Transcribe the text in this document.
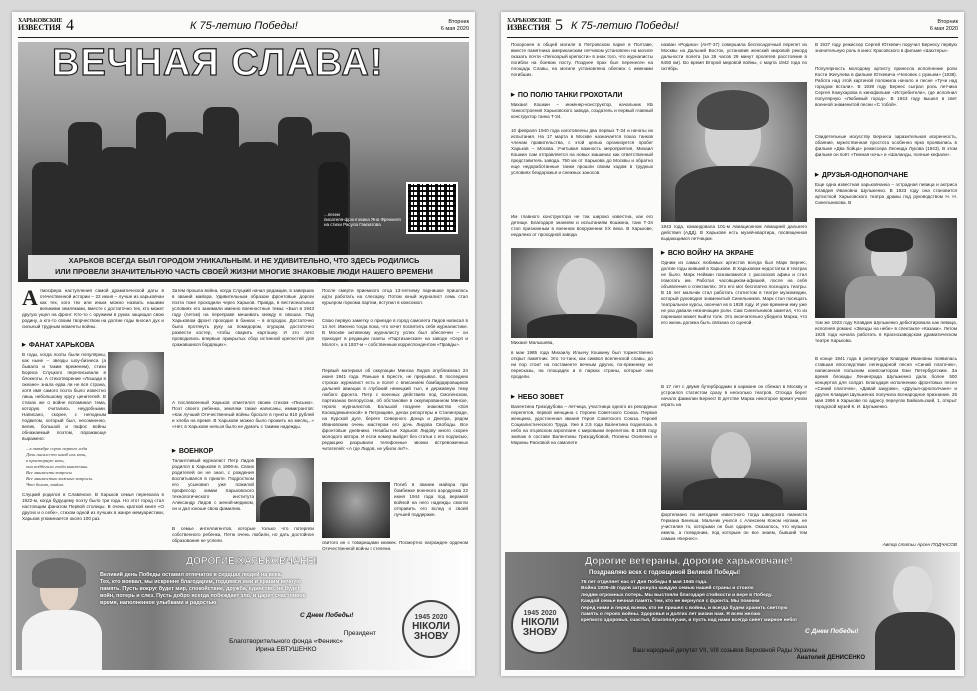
ХАРЬКОВСКИЕ
ИЗВЕСТИЯ 4	К 75-летию Победы!	Вторник
6 мая 2020
ВЕЧНАЯ СЛАВА!
...песни
писателя-фронтовика Яна Френкеля
на стихи Расула Гамзатова
ХАРЬКОВ ВСЕГДА БЫЛ ГОРОДОМ УНИКАЛЬНЫМ. И НЕ УДИВИТЕЛЬНО, ЧТО ЗДЕСЬ РОДИЛИСЬ
ИЛИ ПРОВЕЛИ ЗНАЧИТЕЛЬНУЮ ЧАСТЬ СВОЕЙ ЖИЗНИ МНОГИЕ ЗНАКОВЫЕ ЛЮДИ НАШЕГО ВРЕМЕНИ
А тмосфера наступления самой драматической даты в отечественной истории – 22 июня – лучше из харьковчан как тех, кого тех или иным можно назвать нашими великими земляками, вместе с достаточно тех, кто может другую ущел на фронт. Кто-то с оружием в руках защищал свою родину, а кто-то своим творчеством на долгие годы вносил дух и сильный трудным моменты войны.
▶ ФАНАТ ХАРЬКОВА
В годы, когда поэты были популярны, как ныне – звезды шоу-бизнеса (а бывало и таким временем), стихи Бориса Слуцкого переписывали в блокноты. А стихотворение «Лошади в океане» знала едва ли не вся страна, хотя имя самого поэта было известно лишь небольшому кругу ценителей. В стихах же о войне вспоминал тема, которую считались неудобными. Написано, скорее, с неподным подвигом, который был, несомненно, велик, большой и пафос войны обнажаемый поэтом, поражающе выражено:
...в октябре сорок первого года
Дочь писало-то шкаб иль кочь,
в просторную ночь,
она подбегала гоода выключны.
Все мнимости вопросы
Все мнимостью важные вопросы.
Что болит, тайна.
Слуцкий родился в Славянске. В Харьков семья переехала в 1922-м, когда будущему поэту было три года. Но этот город стал настоящим фанатом Первой столицы. В очень краткой книге «О других и о себе», стихом одной из лучших в жанре мемуаристики, Харьков упоминается около 100 раз.
Затем прошла война, когда Слуцкий начал редакции, в заверших в званий майора. Удивительным образом фронтовые дороги поэта тоже проходили через Харьков. Правда, в вестиональных условиях его занимали именно военностные темы: «Был в 1943 году (летом) на переправе мешивать между в овошах. Под Харьковом фронт проходил в банках – в огородах. Достаточно было протянуть руку за помидором, огурцом, достаточно развести костер, чтобы сварить картошку. И это лето проводились впервые прикрытых сбор истинной крепостей для сражавшихся бордящих».
А послевоенный Харьков отметился своим стихом «Письмо». Поэт своего ребенка, земляки также написаны, иммигрантов: «Как лучший Отечественный войны бросьте в пункты 810 рублей и хлеба на время. В Харькове можно было прожить на месяц...» «Нет, в Харькове нельзя было не думать с такими надежды.
▶ ВОЕНКОР
Талантливый журналист Петр Лидов родился в Харькове в 1906-м. Своих родителей он не знал, с рождения воспитывался в приюте. Подростком его усыновил уже пожилой профессор химии Харьковского технологического института Александр Лидов с женой-медиком, он и дал юноше свою фамилию.
В семье интеллигентов, которые только что потеряли собственного ребенка, Петю очень любили, но дать достойное образование не успели.
После смерти приемного отца 13-летнему парнишке пришлось идти работать на слесарку. Потом юный журналист семь стал курьером горкома партии, вступил в комсомол.
Свою первую заметку о приезде в город самолета Лидов написал в 14 лет. Именно тогда пока, что хочет посвятить себя журналистике. В Москве активному журналисту успех был обеспечен – он приходит в редакции газеты «Партизанская» на заводе «Серп и Молот», а в 1937-м – собственным корреспондентом «Правды».
Первый материал об оккупации Минска Лидов опубликовал 24 июня 1941 года. Раньше в Бресте, не прерывал. В последних строках журналист есть и полет с вписанием бомбардировщиков дальней авиации в глубокий немецкий тыл, и державную тему любого фронта. Петр с военных действиях под Смоленском, партизанах Белоруссии, об обстановке в оккупированном Минске, героях журналистов. Большой позднее знакомство «Зоя Космодемьянской» в Петрищеве, делах репортеры и Сталинграде, на Курской дуге, береге Северного Донца и Днепра, рядом Ивановским очень мастером его дочь Лидова Свободы. Все фронтовые дневники. Незабытые Харьков Лидову много скорее молодого автора. И если номер выйдет без статьи с его подписью, редакцию разрывали телефонные звонки встревоженных читателей: «А где Лидов, не убили ли?».
Погиб в звании майора при бомбежке военного аэродрома 22 июня 1944 года под верамой войной на него надежды смогли отправить его вслед о своей лучшей поддержке.
свитого ин с товарищами книжек. Посмертно награжден орденом Отечественной войны I степени.
ДОРОГИЕ ХАРЬКОВЧАНЕ!
Великий день Победы оставил отпечаток в сердцах людей на века.
Тех, кто воевал, мы искренне благодарим, гордимся ими и храним вечную
память. Пусть вокруг будет мир, спокойствие, дружба, единство, не будет
войн, потерь и слез. Пусть добро всегда побеждает зло, и царит счастливое
время, наполненное улыбками и радостью
С Днем Победы!
Президент
Благотворительного фонда «Феникс»
Ирина ЕВТУШЕНКО
1945 2020
НІКОЛИ ЗНОВУ
ХАРЬКОВСКИЕ
ИЗВЕСТИЯ 5 К 75-летию Победы!	Вторник
6 мая 2020
Похоронен в общей могиле в Петровском парке в Полтаве, вместе памятника американским летчиком установлен на могиле оказать почти «Легкоорый крепости» в знак того, что журналисты погибли на боевом посту. Позднее прах был перенесен на площадь Славы, на могиле установлена обелиск с именами погибших.
▶ ПО ПОЛЮ ТАНКИ ГРОХОТАЛИ
Михаил Кошкин – инженер-конструктор, начальник КБ танкостроения Харьковского завода, создатель и первый главный конструктор танка Т-34.
10 февраля 1940 года изготовлены два первых Т-34 и начаты их испытания. На 17 марта в Москве назначается показ танков членам правительства, с этой целью организуется пробег Харьков – Москва. Учитывая важность мероприятия, Михаил Кошкин сам отправляется на новых машинах как ответственный представитель завода. 750 км от Харькова до Москвы и обратно еще недоработанные танки прошли своим ходом в трудных условиях бездорожья и снежных заносов.
Им главного конструктора не так широко известна, как его детище. Благодаря знаниям и испытаниям Кошкина, танк Т-34 стал признанным в военном вооружении XX века. В Харькове, недалеко от проходной завода
назван «Родина» (АНТ-37) совершила беспосадочный перелет из Москвы на Дальний Восток, установив женский мировой рекорд дальности полета (за 26 часов 29 минут пролетев расстояние в 6450 км). Во время Второй мировой войны, с марта 1942 года по октябрь
1943 года, командовала 101-м Авиационном Авиацией дальнего действия (АДД). В Харькове есть музей-квартира, посвященная выдающимся летчицам.
В 1937 году режиссер Сергей Юткевич поручил Бернесу первую значительную роль в кино: Красовского в фильме «Шахтеры».
Популярность молодому артисту принесла исполнение роли Кости Жигулева в фильме Юткевича «Человек с ружьем» (1938). Работа над этой картиной положила начало и песне «Тучи над городом встали». В 1939 году Бернес сыграл роль летчика Сергея Кожухарова в кинофильме «Истребители», где исполнил популярную «Любимый город». В 1943 году вышел в свет военной знаменитой песни «С тобой».
Свидетельные искусству Бернеса заразительная искренность, обаяние, мужественная простота особенно ярко проявились в фильме «Два бойца» режиссера Леонида Лукова (1943). В этом фильме он поёт «Темная ночь» и «Шаланды, полные кефали».
▶ ДРУЗЬЯ-ОДНОПОЛЧАНЕ
Еще одна известная харьковчанка – эстрадная певица и актриса Клавдия Ивановна Шульженко. В 1923 году она становится артисткой Харьковского театра драмы под руководством Н. Н. Синельникова. В
▶ ВСЮ ВОЙНУ НА ЭКРАНЕ
Одним из самых любимых артистов всегда был Марк Бернес, долгие годы живший в Харькове. В Харьковом недостатка в театрах не было. Марк Нейман познакомился с рассказов афиш и стал помогать им. Работал часовщиком-афишей, после на себя объявления о спектаклях. Это его мог бесплатно посещать театры. В 15 лет мальчик стал работать статистом в театре музкомедии, который руководил знаменитый Синельников. Марк стал посещать театральное курсы, окончил их в 1928 году. И уже времени ему уже не раз давали незначащие роли. Сам Синельников заметил, что из парнишки может выйти толк. Это окончательно убедило Марка, что его жизнь должна быть связана со сценой.
В 17 лет с двумя бутербродами в кармане он сбежал в Москву и устроился статистом сразу в несколько театров. Отсюда берет начало фамилии Бернес! В детстве Марка некоторое время учили играть на
Михаил Малышева,
в мае 1985 года Михаилу Ильичу Кошкину был торжественно открыт памятник. Это то-танк, как символ вселенской славы, до ни пор стоит на постаменте вечным других, по-прежнему не пересказы, на площадях и в парках страны, которые они продели.
том же 1923 году Клавдия Шульженко дебютировала как певица, исполняя романс «Звезды на небе» в спектакле «Казаки». Летом 1925 года начала работать в Краснозаводском драматическом театре Харькова.
В конце 1941 года в репертуаре Клавдии Ивановны появилась ставшая впоследствии легендарной песня «Синий платочек», написанная польским композитором Ежи Петербургским. За время блокады Ленинграда Шульженко дала более 500 концертов для солдат. Благодаря исполнению фронтовых песен «Синий платочек», «Давай закурим», «Друзья-однополчане» и других Клавдия Шульженко получила всенародное признание. 26 мая 1996 в Харькове по адресу переулок Байкальский, 1, открыт городской музей К. И. Шульженко.
▶ НЕБО ЗОВЕТ
Валентина Гризодубова – летчица, участница одного из рекордных перелетов, первой женщина с Героем Советского Союза. Первая женщина, удостоенная звания Героя Советского Союза. Героей Социалистического Труда. Уже в 2,5 года Валентина поднялась в небо на отцовском аэроплане с мировыми перелетом. В 1938 году экипаж в составе Валентины Гризодубовой, Полины Осипенко и Марины Расковой на самолете
фортепиано по методике известного тогда шведского пианиста Германа Бенеша. Мальчик учился с Алексеем Коном ногами, не учистилия то, которыми он был одарен. Оказалось, что музыка имела, а псевдоним, под которым он все знаем, бывший тем самым «Бернес».
Автор статьи Арсен ПОДЧАСОВ
1945 2020
НІКОЛИ ЗНОВУ
Дорогие ветераны, дорогие харьковчане!
Поздравляю всех с годовщиной Великой Победы!
75 лет отделяет нас от Дня Победы 9 мая 1945 года.
Война 1939-45 годов затронула каждую семью нашей страны и стоило
людям огромных потерь. Мы выстояли благодаря стойкости и вере в Победу.
Каждой семье вечная память тем, кто не вернулся с фронта. Мы помним
перед ними и перед всеми, кто не пришел с войны, и всегда будем хранить светлую
память о героях войны. Здоровья и долгих лет жизни нам. Я всем желаю
крепкого здоровья, счастья, благополучия, и пусть над нами всегда сияет мирное небо!
С Днем Победы!
Ваш народный депутат VII, VIII созывов Верховной Рады Украины
Анатолий ДЕНИСЕНКО
